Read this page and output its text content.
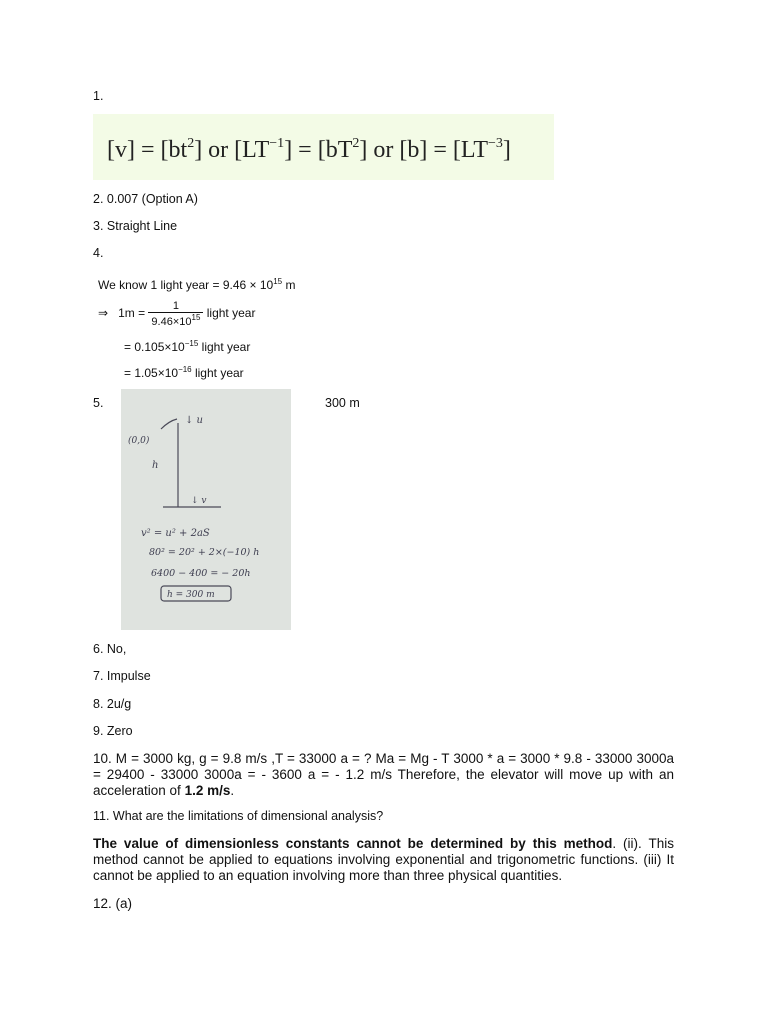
1.
$[v] = [bt^2]$ or $[LT^{-1}] = [bT^2]$ or $[b] = [LT^{-3}]$
2. 0.007 (Option A)
3. Straight Line
4.
We know 1 light year = $9.46 \times 10^{15}$ m
⇒ $1m = \frac{1}{9.46\times 10^{15}}$ light year
= $0.105\times 10^{-15}$ light year
= $1.05\times 10^{-16}$ light year
5.
↓ u
(0,0)
h
↓ v
v² = u² + 2aS
80² = 20² + 2×(−10) h
6400 − 400 = − 20h
h = 300 m
300 m
6. No,
7. Impulse
8. 2u/g
9. Zero
10. M = 3000 kg, g = 9.8 m/s ,T = 33000 a = ? Ma = Mg - T 3000 * a = 3000 * 9.8 - 33000 3000a = 29400 - 33000 3000a = - 3600 a = - 1.2 m/s Therefore, the elevator will move up with an acceleration of 1.2 m/s.
11. What are the limitations of dimensional analysis?
The value of dimensionless constants cannot be determined by this method. (ii). This method cannot be applied to equations involving exponential and trigonometric functions. (iii) It cannot be applied to an equation involving more than three physical quantities.
12. (a)
